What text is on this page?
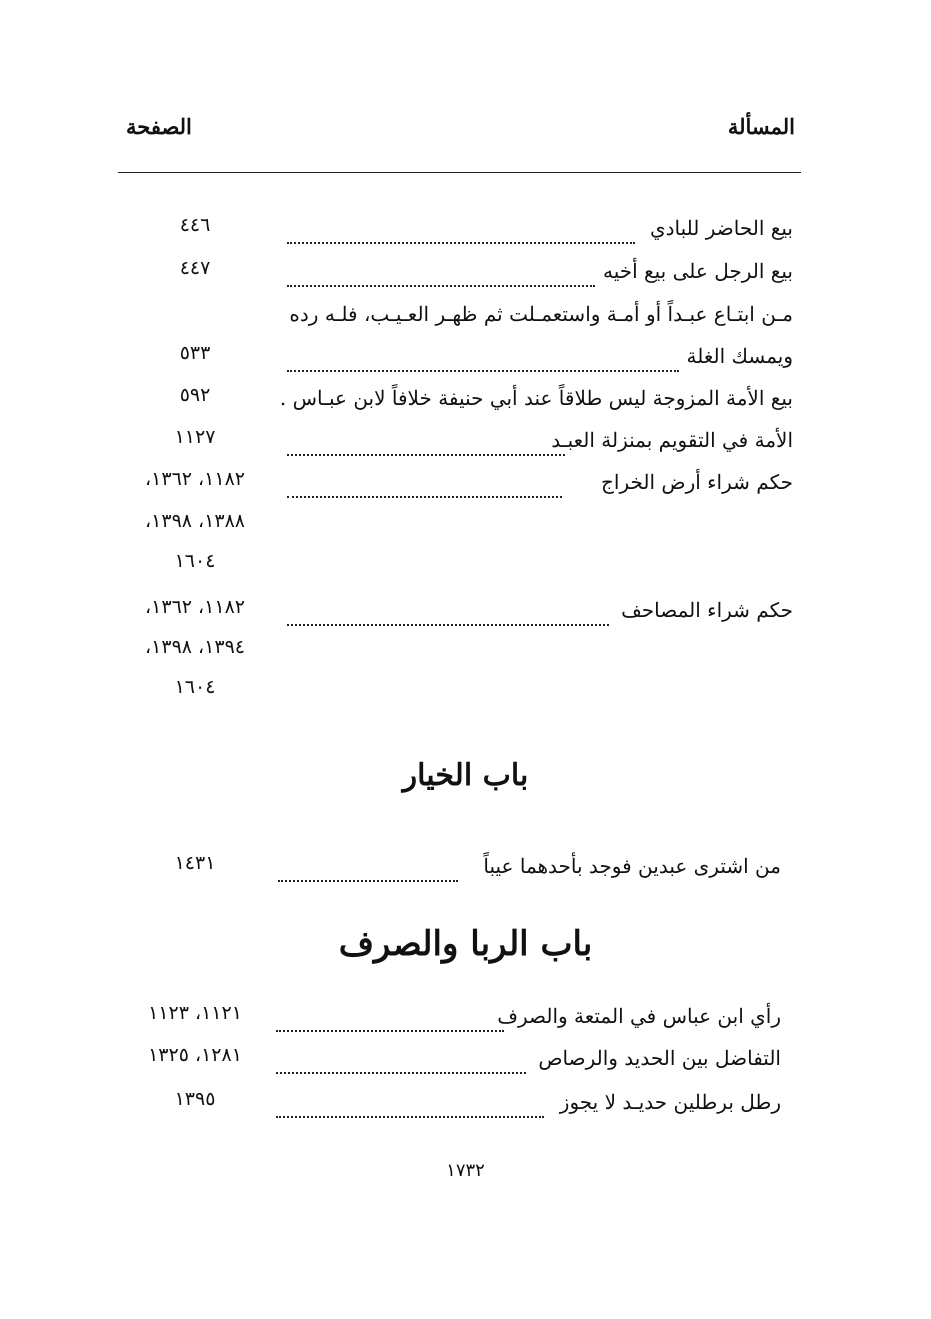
الصفحة	المسألة
بيع الحاضر للبادي
٤٤٦
بيع الرجل على بيع أخيه
٤٤٧
مـن ابتـاع عبـداً أو أمـة واستعمـلت ثم ظهـر العـيـب، فلـه رده
ويمسك الغلة
٥٣٣
بيع الأمة المزوجة ليس طلاقاً عند أبي حنيفة خلافاً لابن عبـاس .
٥٩٢
الأمة في التقويم بمنزلة العبـد
١١٢٧
حكم شراء أرض الخراج
١١٨٢، ١٣٦٢،
١٣٨٨، ١٣٩٨،
١٦٠٤
حكم شراء المصاحف
١١٨٢، ١٣٦٢،
١٣٩٤، ١٣٩٨،
١٦٠٤
باب الخيار
من اشترى عبدين فوجد بأحدهما عيباً
١٤٣١
باب الربا والصرف
رأي ابن عباس في المتعة والصرف
١١٢١، ١١٢٣
التفاضل بين الحديد والرصاص
١٢٨١، ١٣٢٥
رطل برطلين حديـد لا يجوز
١٣٩٥
١٧٣٢
